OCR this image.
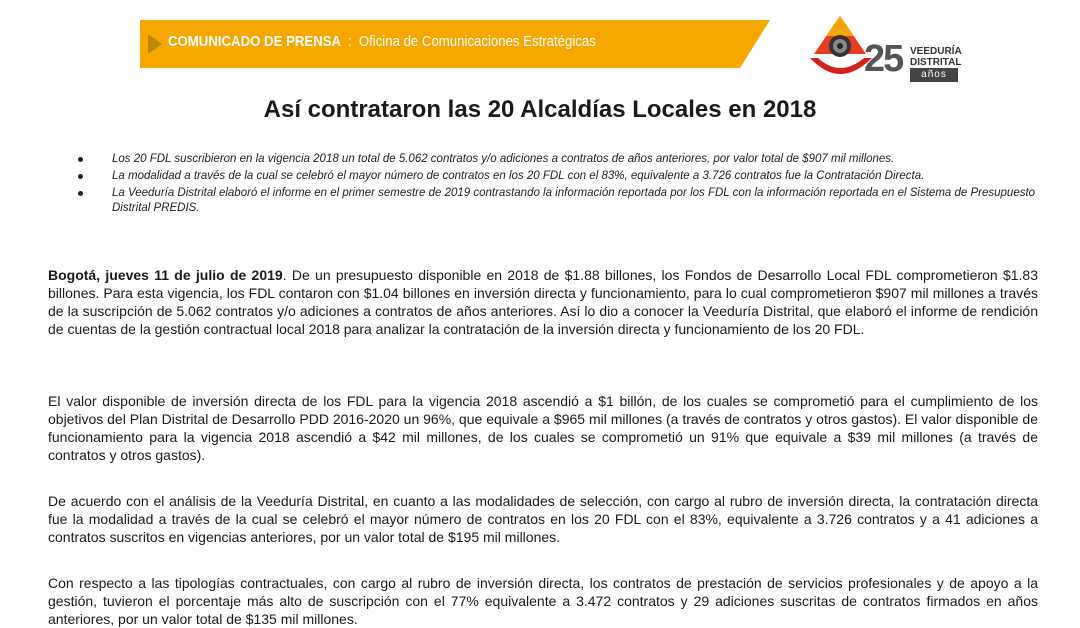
COMUNICADO DE PRENSA : Oficina de Comunicaciones Estratégicas	25 VEEDURÍA
DISTRITAL
años
Así contrataron las 20 Alcaldías Locales en 2018
Los 20 FDL suscribieron en la vigencia 2018 un total de 5.062 contratos y/o adiciones a contratos de años anteriores, por valor total de $907 mil millones.
La modalidad a través de la cual se celebró el mayor número de contratos en los 20 FDL con el 83%, equivalente a 3.726 contratos fue la Contratación Directa.
La Veeduría Distrital elaboró el informe en el primer semestre de 2019 contrastando la información reportada por los FDL con la información reportada en el Sistema de Presupuesto Distrital PREDIS.
Bogotá, jueves 11 de julio de 2019. De un presupuesto disponible en 2018 de $1.88 billones, los Fondos de Desarrollo Local FDL comprometieron $1.83 billones. Para esta vigencia, los FDL contaron con $1.04 billones en inversión directa y funcionamiento, para lo cual comprometieron $907 mil millones a través de la suscripción de 5.062 contratos y/o adiciones a contratos de años anteriores. Así lo dio a conocer la Veeduría Distrital, que elaboró el informe de rendición de cuentas de la gestión contractual local 2018 para analizar la contratación de la inversión directa y funcionamiento de los 20 FDL.
El valor disponible de inversión directa de los FDL para la vigencia 2018 ascendió a $1 billón, de los cuales se comprometió para el cumplimiento de los objetivos del Plan Distrital de Desarrollo PDD 2016-2020 un 96%, que equivale a $965 mil millones (a través de contratos y otros gastos). El valor disponible de funcionamiento para la vigencia 2018 ascendió a $42 mil millones, de los cuales se comprometió un 91% que equivale a $39 mil millones (a través de contratos y otros gastos).
De acuerdo con el análisis de la Veeduría Distrital, en cuanto a las modalidades de selección, con cargo al rubro de inversión directa, la contratación directa fue la modalidad a través de la cual se celebró el mayor número de contratos en los 20 FDL con el 83%, equivalente a 3.726 contratos y a 41 adiciones a contratos suscritos en vigencias anteriores, por un valor total de $195 mil millones.
Con respecto a las tipologías contractuales, con cargo al rubro de inversión directa, los contratos de prestación de servicios profesionales y de apoyo a la gestión, tuvieron el porcentaje más alto de suscripción con el 77% equivalente a 3.472 contratos y 29 adiciones suscritas de contratos firmados en años anteriores, por un valor total de $135 mil millones.
